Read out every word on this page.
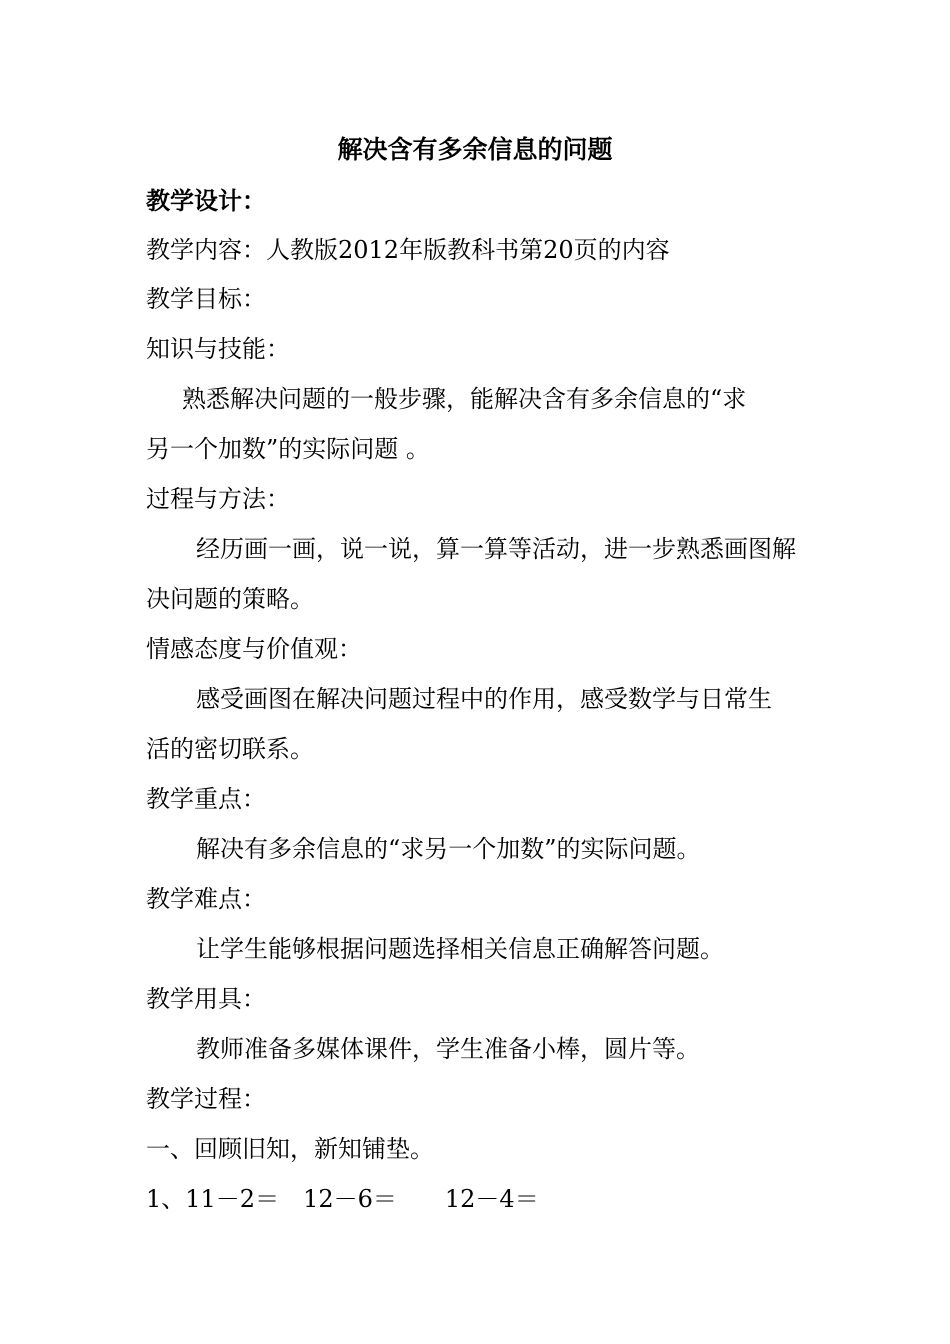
解决含有多余信息的问题
教学设计：
教学内容：人教版2012年版教科书第20页的内容
教学目标：
知识与技能：
熟悉解决问题的一般步骤，能解决含有多余信息的“求
另一个加数”的实际问题 。
过程与方法：
经历画一画，说一说，算一算等活动，进一步熟悉画图解
决问题的策略。
情感态度与价值观：
感受画图在解决问题过程中的作用，感受数学与日常生
活的密切联系。
教学重点：
解决有多余信息的“求另一个加数”的实际问题。
教学难点：
让学生能够根据问题选择相关信息正确解答问题。
教学用具：
教师准备多媒体课件，学生准备小棒，圆片等。
教学过程：
一、回顾旧知，新知铺垫。
1、11－2＝　12－6＝　　12－4＝
